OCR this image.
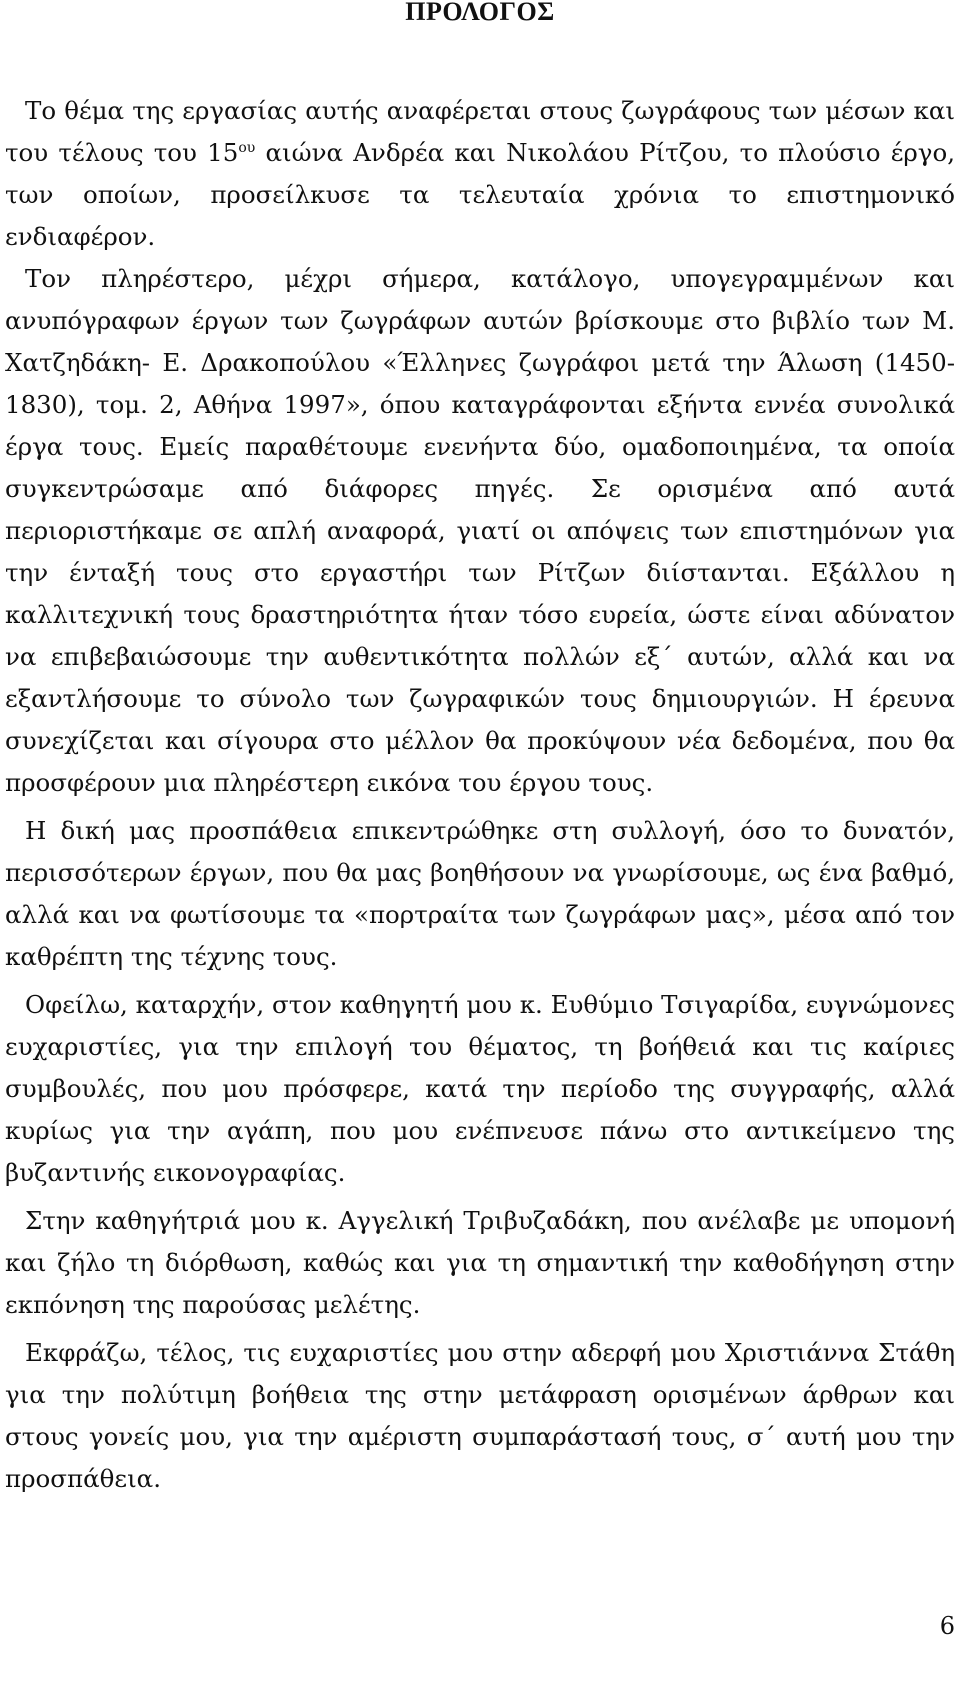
ΠΡΟΛΟΓΟΣ

Το θέμα της εργασίας αυτής αναφέρεται στους ζωγράφους των μέσων και του τέλους του $15^{o\upsilon}$ αιώνα Ανδρέα και Νικολάου Ρίτζου, το πλούσιο έργο, των οποίων, προσείλκυσε τα τελευταία χρόνια το επιστημονικό ενδιαφέρον.

Τον πληρέστερο, μέχρι σήμερα, κατάλογο, υπογεγραμμένων και ανυπόγραφων έργων των ζωγράφων αυτών βρίσκουμε στο βιβλίο των Μ. Χατζηδάκη- Ε. Δρακοπούλου «Έλληνες ζωγράφοι μετά την Άλωση (1450-1830), τομ. 2, Αθήνα 1997», όπου καταγράφονται εξήντα εννέα συνολικά έργα τους. Εμείς παραθέτουμε ενενήντα δύο, ομαδοποιημένα, τα οποία συγκεντρώσαμε από διάφορες πηγές. Σε ορισμένα από αυτά περιοριστήκαμε σε απλή αναφορά, γιατί οι απόψεις των επιστημόνων για την ένταξή τους στο εργαστήρι των Ρίτζων διίστανται. Εξάλλου η καλλιτεχνική τους δραστηριότητα ήταν τόσο ευρεία, ώστε είναι αδύνατον να επιβεβαιώσουμε την αυθεντικότητα πολλών εξ΄ αυτών, αλλά και να εξαντλήσουμε το σύνολο των ζωγραφικών τους δημιουργιών. Η έρευνα συνεχίζεται και σίγουρα στο μέλλον θα προκύψουν νέα δεδομένα, που θα προσφέρουν μια πληρέστερη εικόνα του έργου τους.

Η δική μας προσπάθεια επικεντρώθηκε στη συλλογή, όσο το δυνατόν, περισσότερων έργων, που θα μας βοηθήσουν να γνωρίσουμε, ως ένα βαθμό, αλλά και να φωτίσουμε τα «πορτραίτα των ζωγράφων μας», μέσα από τον καθρέπτη της τέχνης τους.

Οφείλω, καταρχήν, στον καθηγητή μου κ. Ευθύμιο Τσιγαρίδα, ευγνώμονες ευχαριστίες, για την επιλογή του θέματος, τη βοήθειά και τις καίριες συμβουλές, που μου πρόσφερε, κατά την περίοδο της συγγραφής, αλλά κυρίως για την αγάπη, που μου ενέπνευσε πάνω στο αντικείμενο της βυζαντινής εικονογραφίας.

Στην καθηγήτριά μου κ. Αγγελική Τριβυζαδάκη, που ανέλαβε με υπομονή και ζήλο τη διόρθωση, καθώς και για τη σημαντική την καθοδήγηση στην εκπόνηση της παρούσας μελέτης.

Εκφράζω, τέλος, τις ευχαριστίες μου στην αδερφή μου Χριστιάννα Στάθη για την πολύτιμη βοήθεια της στην μετάφραση ορισμένων άρθρων και στους γονείς μου, για την αμέριστη συμπαράστασή τους, σ΄ αυτή μου την προσπάθεια.

6
